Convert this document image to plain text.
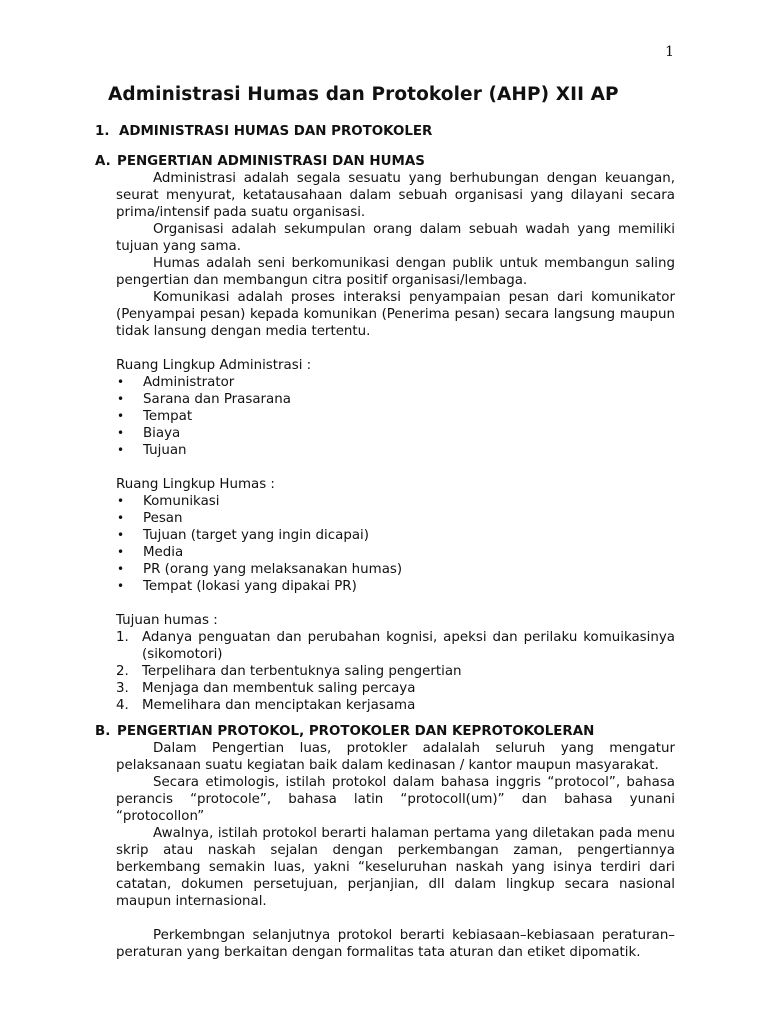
1

Administrasi Humas dan Protokoler (AHP) XII AP
1. ADMINISTRASI HUMAS DAN PROTOKOLER
A. PENGERTIAN ADMINISTRASI DAN HUMAS

Administrasi adalah segala sesuatu yang berhubungan dengan keuangan, seurat menyurat, ketatausahaan dalam sebuah organisasi yang dilayani secara prima/intensif pada suatu organisasi.

Organisasi adalah sekumpulan orang dalam sebuah wadah yang memiliki tujuan yang sama.

Humas adalah seni berkomunikasi dengan publik untuk membangun saling pengertian dan membangun citra positif organisasi/lembaga.

Komunikasi adalah proses interaksi penyampaian pesan dari komunikator (Penyampai pesan) kepada komunikan (Penerima pesan) secara langsung maupun tidak lansung dengan media tertentu.

Ruang Lingkup Administrasi :

•	Administrator
•	Sarana dan Prasarana
•	Tempat
•	Biaya
•	Tujuan

Ruang Lingkup Humas :

•	Komunikasi
•	Pesan
•	Tujuan (target yang ingin dicapai)
•	Media
•	PR (orang yang melaksanakan humas)
•	Tempat (lokasi yang dipakai PR)

Tujuan humas :

1. Adanya penguatan dan perubahan kognisi, apeksi dan perilaku komuikasinya (sikomotori)
2. Terpelihara dan terbentuknya saling pengertian
3. Menjaga dan membentuk saling percaya
4. Memelihara dan menciptakan kerjasama
B. PENGERTIAN PROTOKOL, PROTOKOLER DAN KEPROTOKOLERAN

Dalam Pengertian luas, protokler adalalah seluruh yang mengatur pelaksanaan suatu kegiatan baik dalam kedinasan / kantor maupun masyarakat.

Secara etimologis, istilah protokol dalam bahasa inggris “protocol”, bahasa perancis “protocole”, bahasa latin “protocoll(um)” dan bahasa yunani “protocollon”

Awalnya, istilah protokol berarti halaman pertama yang diletakan pada menu skrip atau naskah sejalan dengan perkembangan zaman, pengertiannya berkembang semakin luas, yakni “keseluruhan naskah yang isinya terdiri dari catatan, dokumen persetujuan, perjanjian, dll dalam lingkup secara nasional maupun internasional.

Perkembngan selanjutnya protokol berarti kebiasaan–kebiasaan peraturan–peraturan yang berkaitan dengan formalitas tata aturan dan etiket dipomatik.
